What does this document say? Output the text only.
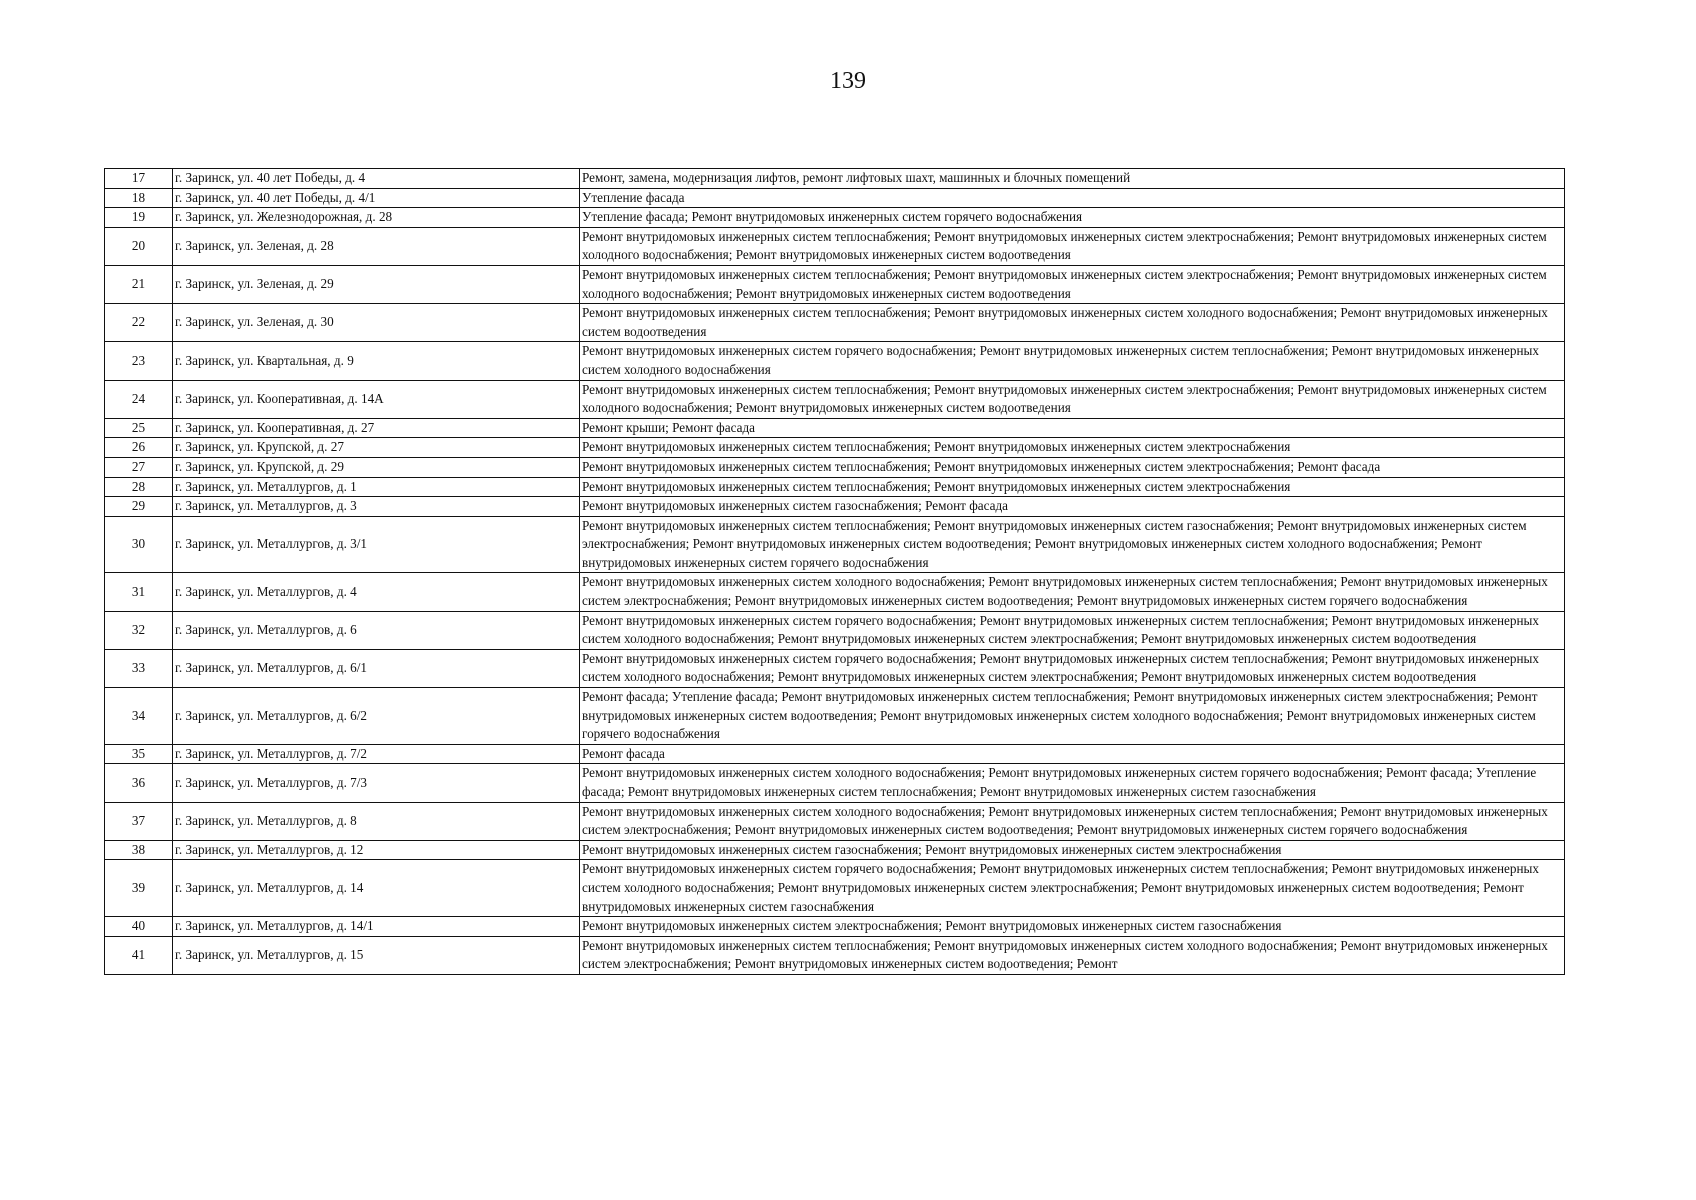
139
17	г. Заринск, ул. 40 лет Победы, д. 4	Ремонт, замена, модернизация лифтов, ремонт лифтовых шахт, машинных и блочных помещений
18	г. Заринск, ул. 40 лет Победы, д. 4/1	Утепление фасада
19	г. Заринск, ул. Железнодорожная, д. 28	Утепление фасада; Ремонт внутридомовых инженерных систем горячего водоснабжения
20	г. Заринск, ул. Зеленая, д. 28	Ремонт внутридомовых инженерных систем теплоснабжения; Ремонт внутридомовых инженерных систем электроснабжения; Ремонт внутридомовых инженерных систем холодного водоснабжения; Ремонт внутридомовых инженерных систем водоотведения
21	г. Заринск, ул. Зеленая, д. 29	Ремонт внутридомовых инженерных систем теплоснабжения; Ремонт внутридомовых инженерных систем электроснабжения; Ремонт внутридомовых инженерных систем холодного водоснабжения; Ремонт внутридомовых инженерных систем водоотведения
22	г. Заринск, ул. Зеленая, д. 30	Ремонт внутридомовых инженерных систем теплоснабжения; Ремонт внутридомовых инженерных систем холодного водоснабжения; Ремонт внутридомовых инженерных систем водоотведения
23	г. Заринск, ул. Квартальная, д. 9	Ремонт внутридомовых инженерных систем горячего водоснабжения; Ремонт внутридомовых инженерных систем теплоснабжения; Ремонт внутридомовых инженерных систем холодного водоснабжения
24	г. Заринск, ул. Кооперативная, д. 14А	Ремонт внутридомовых инженерных систем теплоснабжения; Ремонт внутридомовых инженерных систем электроснабжения; Ремонт внутридомовых инженерных систем холодного водоснабжения; Ремонт внутридомовых инженерных систем водоотведения
25	г. Заринск, ул. Кооперативная, д. 27	Ремонт крыши; Ремонт фасада
26	г. Заринск, ул. Крупской, д. 27	Ремонт внутридомовых инженерных систем теплоснабжения; Ремонт внутридомовых инженерных систем электроснабжения
27	г. Заринск, ул. Крупской, д. 29	Ремонт внутридомовых инженерных систем теплоснабжения; Ремонт внутридомовых инженерных систем электроснабжения; Ремонт фасада
28	г. Заринск, ул. Металлургов, д. 1	Ремонт внутридомовых инженерных систем теплоснабжения; Ремонт внутридомовых инженерных систем электроснабжения
29	г. Заринск, ул. Металлургов, д. 3	Ремонт внутридомовых инженерных систем газоснабжения; Ремонт фасада
30	г. Заринск, ул. Металлургов, д. 3/1	Ремонт внутридомовых инженерных систем теплоснабжения; Ремонт внутридомовых инженерных систем газоснабжения; Ремонт внутридомовых инженерных систем электроснабжения; Ремонт внутридомовых инженерных систем водоотведения; Ремонт внутридомовых инженерных систем холодного водоснабжения; Ремонт внутридомовых инженерных систем горячего водоснабжения
31	г. Заринск, ул. Металлургов, д. 4	Ремонт внутридомовых инженерных систем холодного водоснабжения; Ремонт внутридомовых инженерных систем теплоснабжения; Ремонт внутридомовых инженерных систем электроснабжения; Ремонт внутридомовых инженерных систем водоотведения; Ремонт внутридомовых инженерных систем горячего водоснабжения
32	г. Заринск, ул. Металлургов, д. 6	Ремонт внутридомовых инженерных систем горячего водоснабжения; Ремонт внутридомовых инженерных систем теплоснабжения; Ремонт внутридомовых инженерных систем холодного водоснабжения; Ремонт внутридомовых инженерных систем электроснабжения; Ремонт внутридомовых инженерных систем водоотведения
33	г. Заринск, ул. Металлургов, д. 6/1	Ремонт внутридомовых инженерных систем горячего водоснабжения; Ремонт внутридомовых инженерных систем теплоснабжения; Ремонт внутридомовых инженерных систем холодного водоснабжения; Ремонт внутридомовых инженерных систем электроснабжения; Ремонт внутридомовых инженерных систем водоотведения
34	г. Заринск, ул. Металлургов, д. 6/2	Ремонт фасада; Утепление фасада; Ремонт внутридомовых инженерных систем теплоснабжения; Ремонт внутридомовых инженерных систем электроснабжения; Ремонт внутридомовых инженерных систем водоотведения; Ремонт внутридомовых инженерных систем холодного водоснабжения; Ремонт внутридомовых инженерных систем горячего водоснабжения
35	г. Заринск, ул. Металлургов, д. 7/2	Ремонт фасада
36	г. Заринск, ул. Металлургов, д. 7/3	Ремонт внутридомовых инженерных систем холодного водоснабжения; Ремонт внутридомовых инженерных систем горячего водоснабжения; Ремонт фасада; Утепление фасада; Ремонт внутридомовых инженерных систем теплоснабжения; Ремонт внутридомовых инженерных систем газоснабжения
37	г. Заринск, ул. Металлургов, д. 8	Ремонт внутридомовых инженерных систем холодного водоснабжения; Ремонт внутридомовых инженерных систем теплоснабжения; Ремонт внутридомовых инженерных систем электроснабжения; Ремонт внутридомовых инженерных систем водоотведения; Ремонт внутридомовых инженерных систем горячего водоснабжения
38	г. Заринск, ул. Металлургов, д. 12	Ремонт внутридомовых инженерных систем газоснабжения; Ремонт внутридомовых инженерных систем электроснабжения
39	г. Заринск, ул. Металлургов, д. 14	Ремонт внутридомовых инженерных систем горячего водоснабжения; Ремонт внутридомовых инженерных систем теплоснабжения; Ремонт внутридомовых инженерных систем холодного водоснабжения; Ремонт внутридомовых инженерных систем электроснабжения; Ремонт внутридомовых инженерных систем водоотведения; Ремонт внутридомовых инженерных систем газоснабжения
40	г. Заринск, ул. Металлургов, д. 14/1	Ремонт внутридомовых инженерных систем электроснабжения; Ремонт внутридомовых инженерных систем газоснабжения
41	г. Заринск, ул. Металлургов, д. 15	Ремонт внутридомовых инженерных систем теплоснабжения; Ремонт внутридомовых инженерных систем холодного водоснабжения; Ремонт внутридомовых инженерных систем электроснабжения; Ремонт внутридомовых инженерных систем водоотведения; Ремонт
